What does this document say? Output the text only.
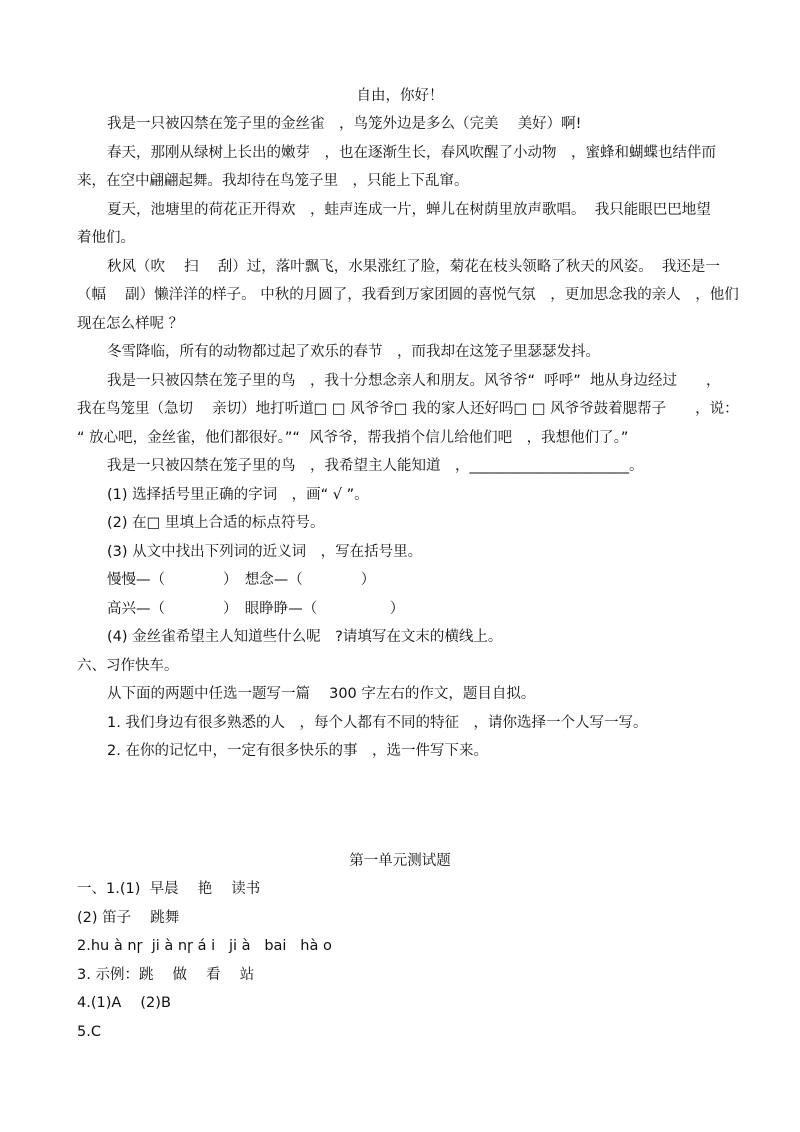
自由，你好！
我是一只被囚禁在笼子里的金丝雀　，鸟笼外边是多么（完美　 美好）啊!
春天，那刚从绿树上长出的嫩芽　，也在逐渐生长，春风吹醒了小动物　，蜜蜂和蝴蝶也结伴而
来，在空中翩翩起舞。我却待在鸟笼子里　，只能上下乱窜。
夏天，池塘里的荷花正开得欢　，蛙声连成一片，蝉儿在树荫里放声歌唱。  我只能眼巴巴地望
着他们。
秋风（吹　 扫　 刮）过，落叶飘飞，水果涨红了脸，菊花在枝头领略了秋天的风姿。  我还是一
（幅　 副）懒洋洋的样子。 中秋的月圆了，我看到万家团圆的喜悦气氛　，更加思念我的亲人　，他们
现在怎么样呢 ？
冬雪降临，所有的动物都过起了欢乐的春节　，而我却在这笼子里瑟瑟发抖。
我是一只被囚禁在笼子里的鸟　，我十分想念亲人和朋友。风爷爷“  呼呼”  地从身边经过　　，
我在鸟笼里（急切　 亲切）地打听道□ □ 风爷爷□ 我的家人还好吗□ □ 风爷爷鼓着腮帮子　　，说：
“ 放心吧，金丝雀，他们都很好。”“  风爷爷，帮我捎个信儿给他们吧　，我想他们了。”
我是一只被囚禁在笼子里的鸟　，我希望主人能知道　，______________________。
(1) 选择括号里正确的字词　，画“ √ ”。
(2) 在□ 里填上合适的标点符号。
(3) 从文中找出下列词的近义词　，写在括号里。
慢慢—（　　　　）　想念—（　　　　）
高兴—（　　　　）　眼睁睁—（　　　　　）
(4) 金丝雀希望主人知道些什么呢　?请填写在文末的横线上。
六、习作快车。
从下面的两题中任选一题写一篇　 300 字左右的作文，题目自拟。
1. 我们身边有很多熟悉的人　，每个人都有不同的特征　，请你选择一个人写一写。
2. 在你的记忆中，一定有很多快乐的事　，选一件写下来。
第一单元测试题
一、1.(1)  早晨　 艳　 读书
(2) 笛子　 跳舞
2.hu à nɼ  ji à nɼ á i   ji à   bai   hà o
3. 示例：跳　 做　 看　 站
4.(1)A　 (2)B
5.C
